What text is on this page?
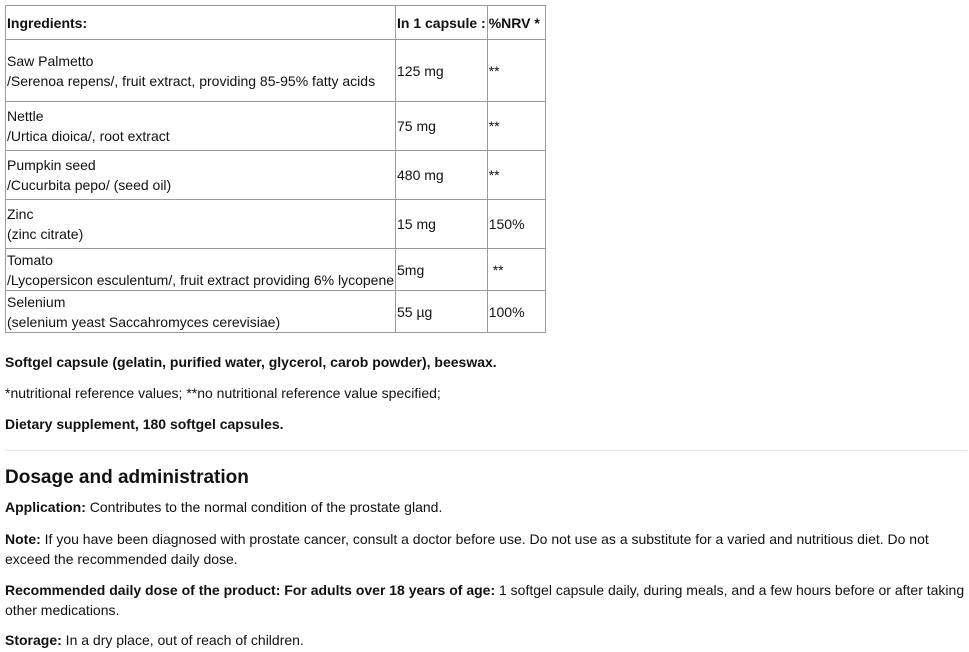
Ingredients:	In 1 capsule :	%NRV *

Saw Palmetto
/Serenoa repens/, fruit extract, providing 85-95% fatty acids	125 mg	**

Nettle
/Urtica dioica/, root extract	75 mg	**

Pumpkin seed
/Cucurbita pepo/ (seed oil)	480 mg	**

Zinc
(zinc citrate)	15 mg	150%

Tomato
/Lycopersicon esculentum/, fruit extract providing 6% lycopene	5mg	**

Selenium
(selenium yeast Saccahromyces cerevisiae)	55 µg	100%

Softgel capsule (gelatin, purified water, glycerol, carob powder), beeswax.

*nutritional reference values; **no nutritional reference value specified;

Dietary supplement, 180 softgel capsules.

Dosage and administration

Application: Contributes to the normal condition of the prostate gland.

Note: If you have been diagnosed with prostate cancer, consult a doctor before use. Do not use as a substitute for a varied and nutritious diet. Do not exceed the recommended daily dose.

Recommended daily dose of the product: For adults over 18 years of age: 1 softgel capsule daily, during meals, and a few hours before or after taking other medications.

Storage: In a dry place, out of reach of children.
